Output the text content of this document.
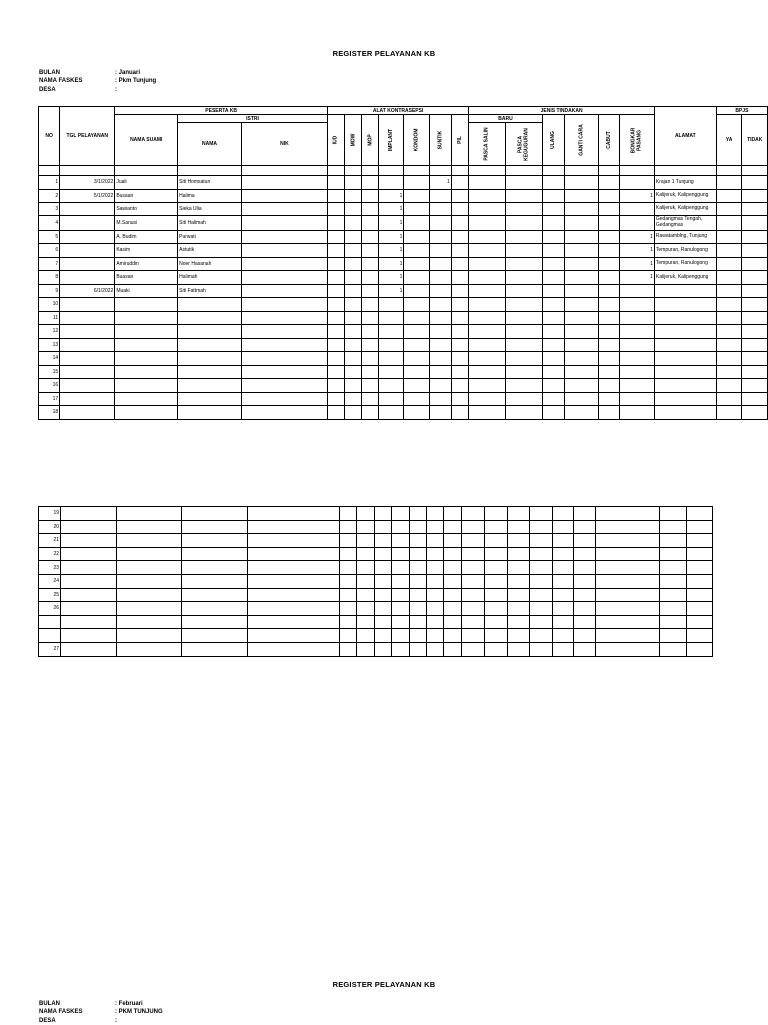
REGISTER PELAYANAN KB
BULAN	: Januari
NAMA FASKES	: Pkm Tunjung
DESA	:
NO	TGL PELAYANAN	PESERTA KB			ALAT KONTRASEPSI							JENIS TINDAKAN						ALAMAT	BPJS	
		NAMA SUAMI	ISTRI		IUD	MOW	MOP	IMPLANT	KONDOM	SUNTIK	PIL	BARU		ULANG	GANTI CARA	CABUT	BONGKAR PASANG		YA	TIDAK
			NAMA	NIK								PASCA SALIN	PASCA KEGUGURAN							

1	3/1/2022	Juali	Siti Homsatun							1								Krajan 1 Tunjung		
2	5/1/2022	Busaan	Halima					1									1	Kalijeruk, Kalipenggung		
3		Sawianto	Sieka Ulia					1										Kalijeruk, Kalipenggung		
4		M.Sanusi	Siti Halimah					1										Gedangmas Tengah, Gedangmas		
5		A. Budim	Purwati					1									1	Rawatamblng, Tunjung		
6		Kasim	Astutik					1									1	Tempuran, Ranulogong		
7		Amiruddin	Noer Hasanah					1									1	Tempuran, Ranulogong		
8		Buasan	Halimah					1									1	Kalijeruk, Kalipenggung		
9	6/1/2022	Muaki	Siti Fattmah					1												
10																				
11																				
12																				
13																				
14																				
15																				
16																				
17																				
18																				
19																				
20																				
21																				
22																				
23																				
24																				
25																				
26																				

27																				
REGISTER PELAYANAN KB
BULAN	: Februari
NAMA FASKES	: PKM TUNJUNG
DESA	:
